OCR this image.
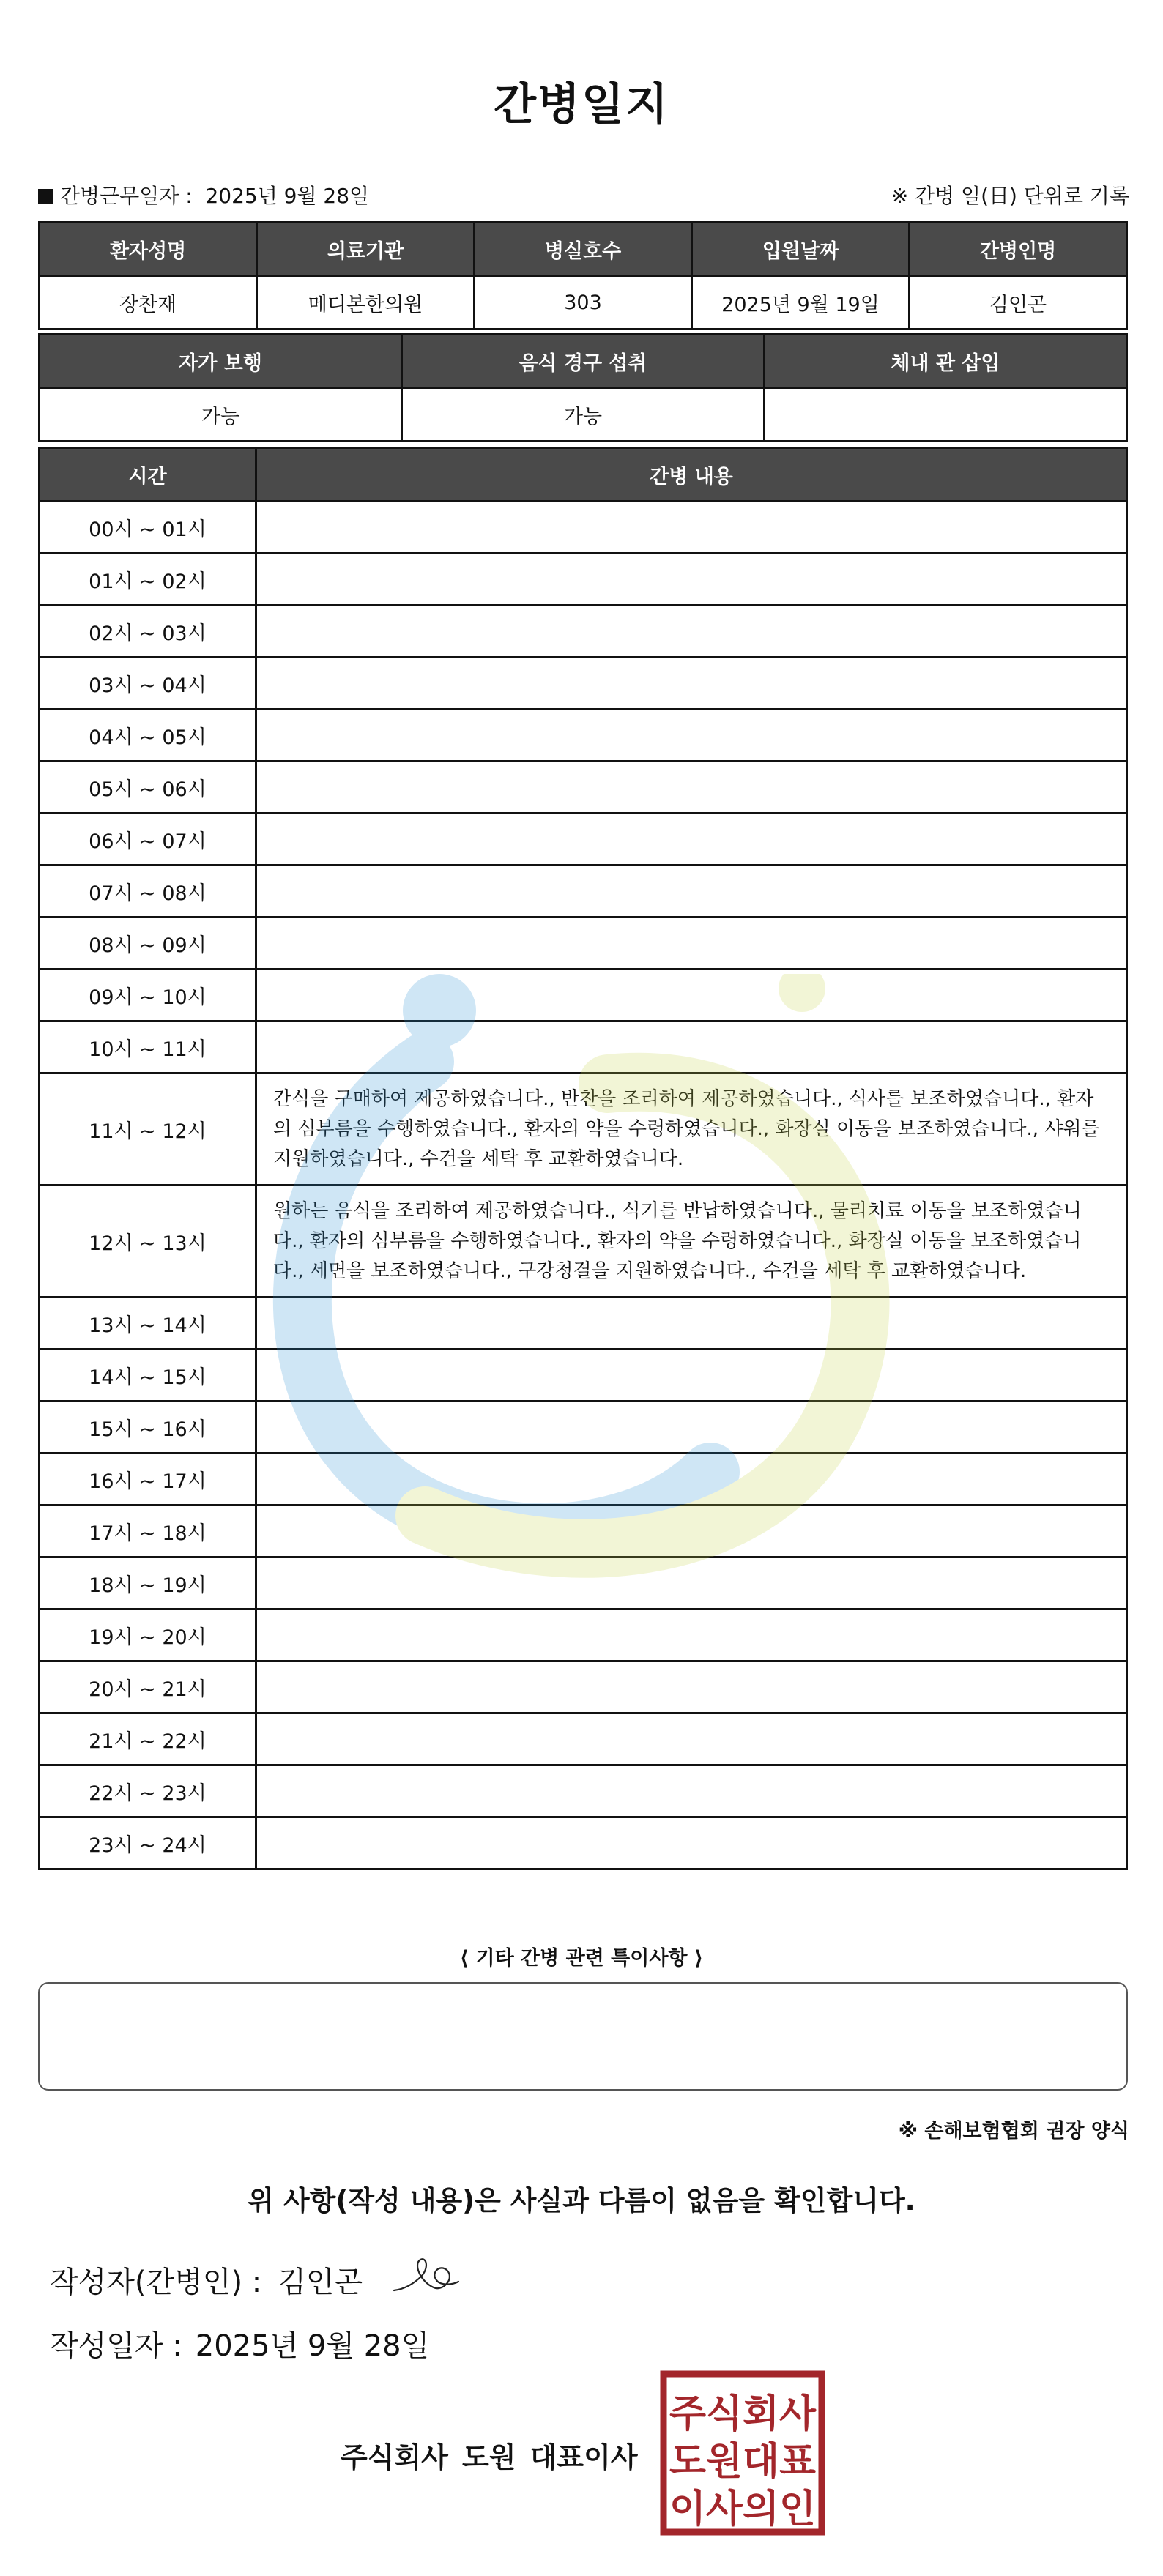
간병일지
간병근무일자 : 2025년 9월 28일	※ 간병 일(日) 단위로 기록
환자성명	의료기관	병실호수	입원날짜	간병인명
장찬재	메디본한의원	303	2025년 9월 19일	김인곤
자가 보행	음식 경구 섭취	체내 관 삽입
가능	가능	
시간	간병 내용
00시 ~ 01시	
01시 ~ 02시	
02시 ~ 03시	
03시 ~ 04시	
04시 ~ 05시	
05시 ~ 06시	
06시 ~ 07시	
07시 ~ 08시	
08시 ~ 09시	
09시 ~ 10시	
10시 ~ 11시	
11시 ~ 12시	간식을 구매하여 제공하였습니다., 반찬을 조리하여 제공하였습니다., 식사를 보조하였습니다., 환자의 심부름을 수행하였습니다., 환자의 약을 수령하였습니다., 화장실 이동을 보조하였습니다., 샤워를 지원하였습니다., 수건을 세탁 후 교환하였습니다.
12시 ~ 13시	원하는 음식을 조리하여 제공하였습니다., 식기를 반납하였습니다., 물리치료 이동을 보조하였습니다., 환자의 심부름을 수행하였습니다., 환자의 약을 수령하였습니다., 화장실 이동을 보조하였습니다., 세면을 보조하였습니다., 구강청결을 지원하였습니다., 수건을 세탁 후 교환하였습니다.
13시 ~ 14시	
14시 ~ 15시	
15시 ~ 16시	
16시 ~ 17시	
17시 ~ 18시	
18시 ~ 19시	
19시 ~ 20시	
20시 ~ 21시	
21시 ~ 22시	
22시 ~ 23시	
23시 ~ 24시	
⟨ 기타 간병 관련 특이사항 ⟩
※ 손해보험협회 권장 양식
위 사항(작성 내용)은 사실과 다름이 없음을 확인합니다.
작성자(간병인) : 김인곤
작성일자 : 2025년 9월 28일
주식회사 도원 대표이사
주식회사
도원대표
이사의인
